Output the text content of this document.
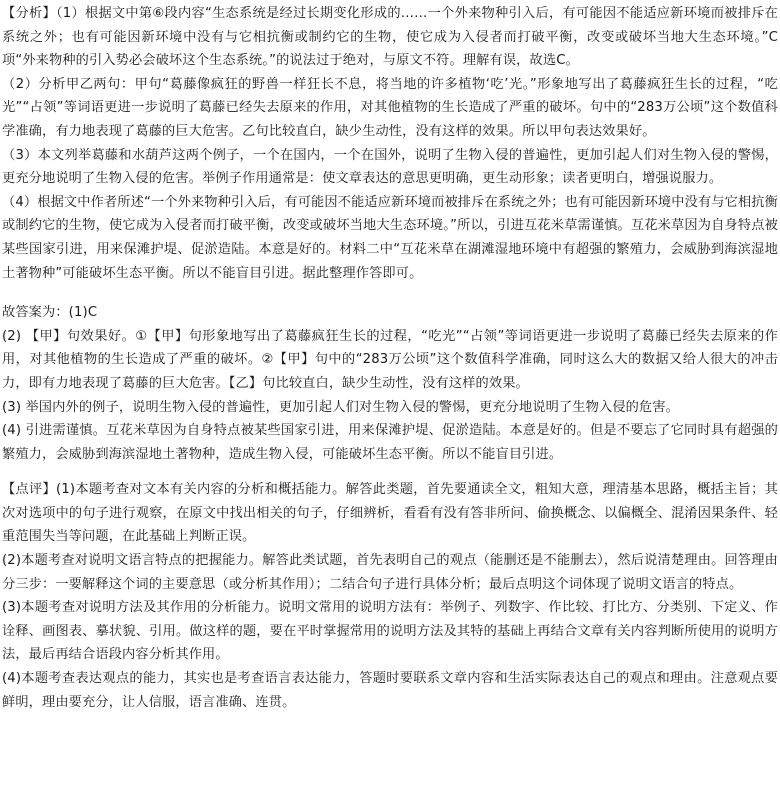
【分析】（1）根据文中第⑥段内容“生态系统是经过长期变化形成的……一个外来物种引入后，有可能因不能适应新环境而被排斥在系统之外；也有可能因新环境中没有与它相抗衡或制约它的生物，使它成为入侵者而打破平衡，改变或破坏当地大生态环境。”C项“外来物种的引入势必会破坏这个生态系统。”的说法过于绝对，与原文不符。理解有误，故选C。

（2）分析甲乙两句：甲句“葛藤像疯狂的野兽一样狂长不息，将当地的许多植物‘吃’光。”形象地写出了葛藤疯狂生长的过程，“吃光”“占领”等词语更进一步说明了葛藤已经失去原来的作用，对其他植物的生长造成了严重的破坏。句中的“283万公顷”这个数值科学准确，有力地表现了葛藤的巨大危害。乙句比较直白，缺少生动性，没有这样的效果。所以甲句表达效果好。

（3）本文列举葛藤和水葫芦这两个例子，一个在国内，一个在国外，说明了生物入侵的普遍性，更加引起人们对生物入侵的警惕，更充分地说明了生物入侵的危害。举例子作用通常是：使文章表达的意思更明确，更生动形象；读者更明白，增强说服力。

（4）根据文中作者所述“一个外来物种引入后，有可能因不能适应新环境而被排斥在系统之外；也有可能因新环境中没有与它相抗衡或制约它的生物，使它成为入侵者而打破平衡，改变或破坏当地大生态环境。”所以，引进互花米草需谨慎。互花米草因为自身特点被某些国家引进，用来保滩护堤、促淤造陆。本意是好的。材料二中“互花米草在湖滩湿地环境中有超强的繁殖力，会威胁到海滨湿地土著物种”可能破坏生态平衡。所以不能盲目引进。据此整理作答即可。

故答案为：(1)C

(2) 【甲】句效果好。①【甲】句形象地写出了葛藤疯狂生长的过程，“吃光”“占领”等词语更进一步说明了葛藤已经失去原来的作用，对其他植物的生长造成了严重的破坏。②【甲】句中的“283万公顷”这个数值科学准确，同时这么大的数据又给人很大的冲击力，即有力地表现了葛藤的巨大危害。【乙】句比较直白，缺少生动性，没有这样的效果。

(3) 举国内外的例子，说明生物入侵的普遍性，更加引起人们对生物入侵的警惕，更充分地说明了生物入侵的危害。

(4) 引进需谨慎。互花米草因为自身特点被某些国家引进，用来保滩护堤、促淤造陆。本意是好的。但是不要忘了它同时具有超强的繁殖力，会威胁到海滨湿地土著物种，造成生物入侵，可能破坏生态平衡。所以不能盲目引进。

【点评】(1)本题考查对文本有关内容的分析和概括能力。解答此类题，首先要通读全文，粗知大意，理清基本思路，概括主旨；其次对选项中的句子进行观察，在原文中找出相关的句子，仔细辨析，看看有没有答非所问、偷换概念、以偏概全、混淆因果条件、轻重范围失当等问题，在此基础上判断正误。

(2)本题考查对说明文语言特点的把握能力。解答此类试题，首先表明自己的观点（能删还是不能删去），然后说清楚理由。回答理由分三步：一要解释这个词的主要意思（或分析其作用）；二结合句子进行具体分析；最后点明这个词体现了说明文语言的特点。

(3)本题考查对说明方法及其作用的分析能力。说明文常用的说明方法有：举例子、列数字、作比较、打比方、分类别、下定义、作诠释、画图表、摹状貌、引用。做这样的题，要在平时掌握常用的说明方法及其特的基础上再结合文章有关内容判断所使用的说明方法，最后再结合语段内容分析其作用。

(4)本题考查表达观点的能力，其实也是考查语言表达能力，答题时要联系文章内容和生活实际表达自己的观点和理由。注意观点要鲜明，理由要充分，让人信服，语言准确、连贯。
